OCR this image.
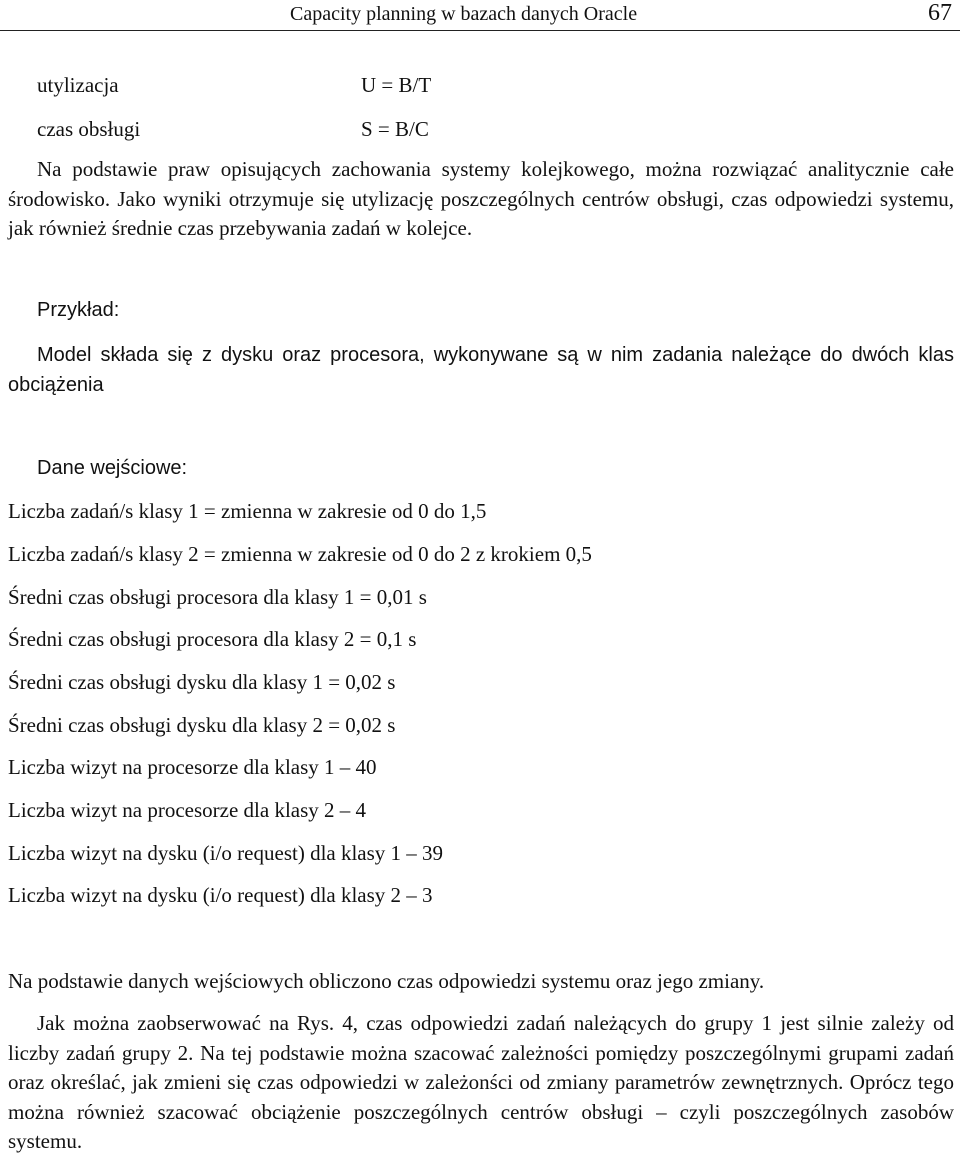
Capacity planning w bazach danych Oracle	67
utylizacja	U = B/T
czas obsługi	S = B/C

Na podstawie praw opisujących zachowania systemy kolejkowego, można rozwiązać analitycznie całe środowisko. Jako wyniki otrzymuje się utylizację poszczególnych centrów obsługi, czas odpowiedzi systemu, jak również średnie czas przebywania zadań w kolejce.

Przykład:

Model składa się z dysku oraz procesora, wykonywane są w nim zadania należące do dwóch klas obciążenia

Dane wejściowe:
Liczba zadań/s klasy 1 = zmienna w zakresie od 0 do 1,5
Liczba zadań/s klasy 2 = zmienna w zakresie od 0 do 2 z krokiem 0,5
Średni czas obsługi procesora dla klasy 1 = 0,01 s
Średni czas obsługi procesora dla klasy 2 = 0,1 s
Średni czas obsługi dysku dla klasy 1 = 0,02 s
Średni czas obsługi dysku dla klasy 2 = 0,02 s
Liczba wizyt na procesorze dla klasy 1 – 40
Liczba wizyt na procesorze dla klasy 2 – 4
Liczba wizyt na dysku (i/o request) dla klasy 1 – 39
Liczba wizyt na dysku (i/o request) dla klasy 2 – 3
Na podstawie danych wejściowych obliczono czas odpowiedzi systemu oraz jego zmiany.

Jak można zaobserwować na Rys. 4, czas odpowiedzi zadań należących do grupy 1 jest silnie zależy od liczby zadań grupy 2. Na tej podstawie można szacować zależności pomiędzy poszczególnymi grupami zadań oraz określać, jak zmieni się czas odpowiedzi w zależonści od zmiany parametrów zewnętrznych. Oprócz tego można również szacować obciążenie poszczególnych centrów obsługi – czyli poszczególnych zasobów systemu.
